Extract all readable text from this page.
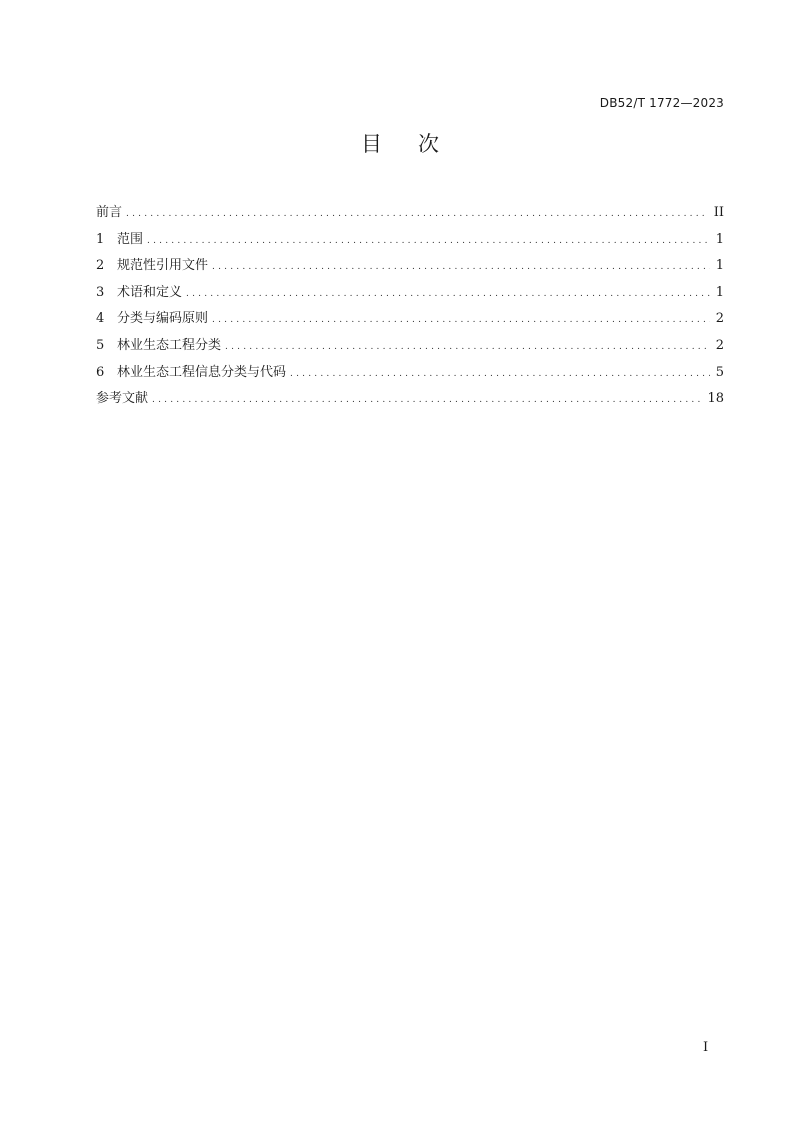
DB52/T 1772—2023
目 次
前言 .....	II
1 范围 .....	1
2 规范性引用文件 .....	1
3 术语和定义 .....	1
4 分类与编码原则 .....	2
5 林业生态工程分类 .....	2
6 林业生态工程信息分类与代码 .....	5
参考文献 .....	18
I
